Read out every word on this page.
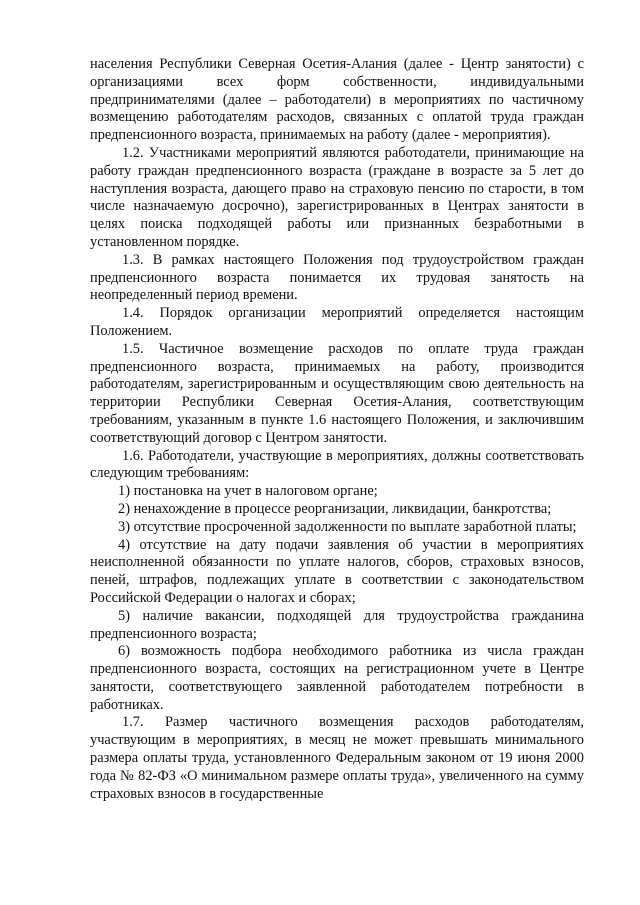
населения Республики Северная Осетия-Алания (далее - Центр занятости) с организациями всех форм собственности, индивидуальными предпринимателями (далее – работодатели) в мероприятиях по частичному возмещению работодателям расходов, связанных с оплатой труда граждан предпенсионного возраста, принимаемых на работу (далее - мероприятия).

1.2. Участниками мероприятий являются работодатели, принимающие на работу граждан предпенсионного возраста (граждане в возрасте за 5 лет до наступления возраста, дающего право на страховую пенсию по старости, в том числе назначаемую досрочно), зарегистрированных в Центрах занятости в целях поиска подходящей работы или признанных безработными в установленном порядке.

1.3. В рамках настоящего Положения под трудоустройством граждан предпенсионного возраста понимается их трудовая занятость на неопределенный период времени.

1.4. Порядок организации мероприятий определяется настоящим Положением.

1.5. Частичное возмещение расходов по оплате труда граждан предпенсионного возраста, принимаемых на работу, производится работодателям, зарегистрированным и осуществляющим свою деятельность на территории Республики Северная Осетия-Алания, соответствующим требованиям, указанным в пункте 1.6 настоящего Положения, и заключившим соответствующий договор с Центром занятости.

1.6. Работодатели, участвующие в мероприятиях, должны соответствовать следующим требованиям:

1) постановка на учет в налоговом органе;

2) ненахождение в процессе реорганизации, ликвидации, банкротства;

3) отсутствие просроченной задолженности по выплате заработной платы;

4) отсутствие на дату подачи заявления об участии в мероприятиях неисполненной обязанности по уплате налогов, сборов, страховых взносов, пеней, штрафов, подлежащих уплате в соответствии с законодательством Российской Федерации о налогах и сборах;

5) наличие вакансии, подходящей для трудоустройства гражданина предпенсионного возраста;

6) возможность подбора необходимого работника из числа граждан предпенсионного возраста, состоящих на регистрационном учете в Центре занятости, соответствующего заявленной работодателем потребности в работниках.

1.7. Размер частичного возмещения расходов работодателям, участвующим в мероприятиях, в месяц не может превышать минимального размера оплаты труда, установленного Федеральным законом от 19 июня 2000 года № 82-ФЗ «О минимальном размере оплаты труда», увеличенного на сумму страховых взносов в государственные
